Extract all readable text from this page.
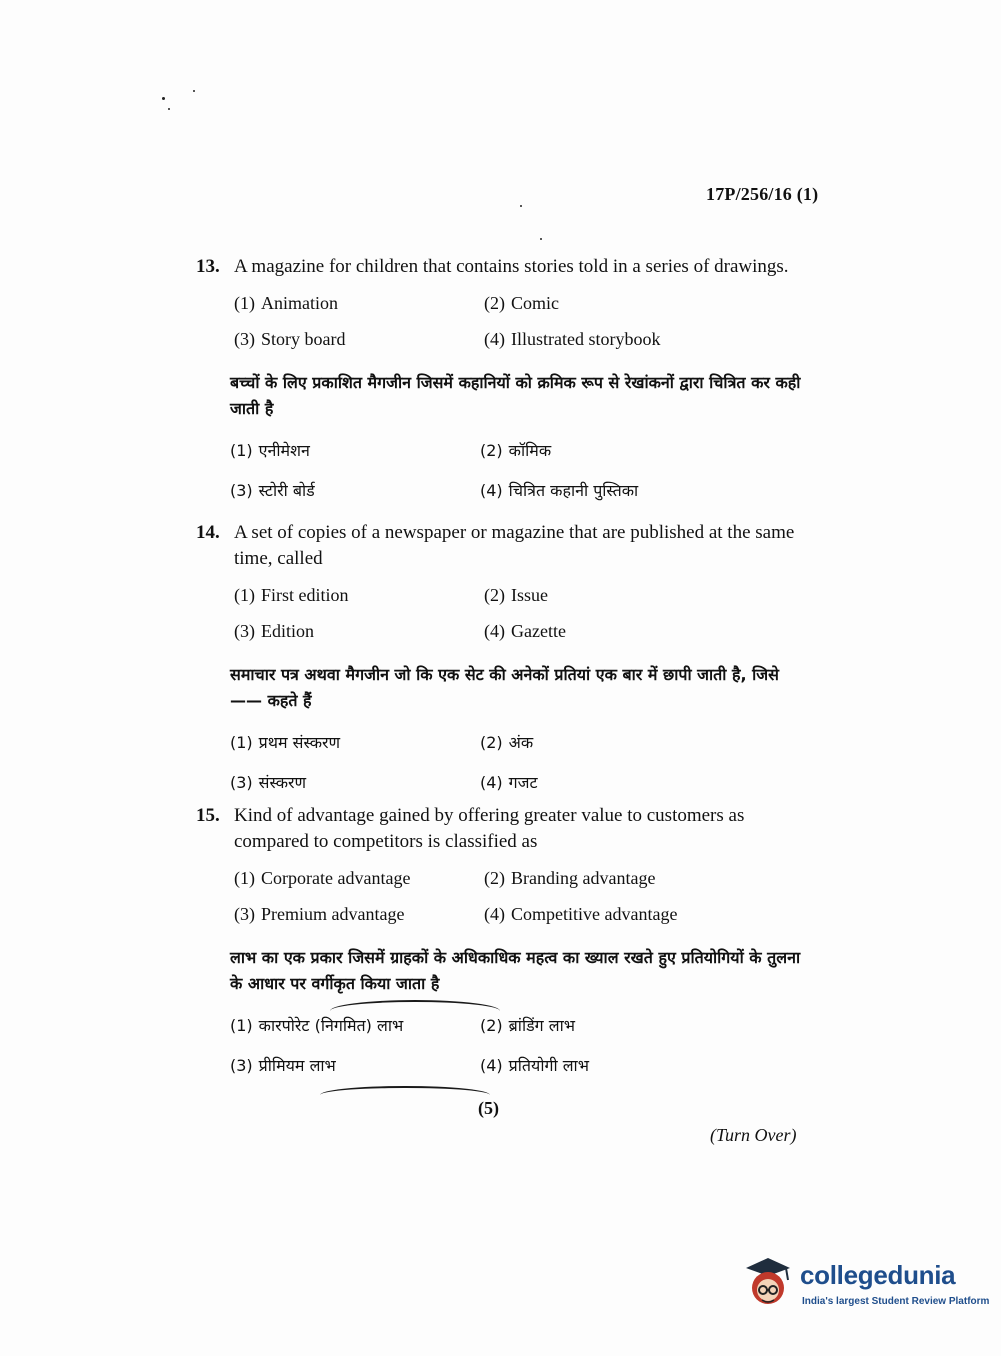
17P/256/16 (1)
13. A magazine for children that contains stories told in a series of drawings.
(1) Animation	(2) Comic
(3) Story board	(4) Illustrated storybook
बच्चों के लिए प्रकाशित मैगजीन जिसमें कहानियों को क्रमिक रूप से रेखांकनों द्वारा चित्रित कर कही जाती है
(1) एनीमेशन	(2) कॉमिक
(3) स्टोरी बोर्ड	(4) चित्रित कहानी पुस्तिका
14. A set of copies of a newspaper or magazine that are published at the same time, called
(1) First edition	(2) Issue
(3) Edition	(4) Gazette
समाचार पत्र अथवा मैगजीन जो कि एक सेट की अनेकों प्रतियां एक बार में छापी जाती है, जिसे —— कहते हैं
(1) प्रथम संस्करण	(2) अंक
(3) संस्करण	(4) गजट
15. Kind of advantage gained by offering greater value to customers as compared to competitors is classified as
(1) Corporate advantage	(2) Branding advantage
(3) Premium advantage	(4) Competitive advantage
लाभ का एक प्रकार जिसमें ग्राहकों के अधिकाधिक महत्व का ख्याल रखते हुए प्रतियोगियों के तुलना के आधार पर वर्गीकृत किया जाता है
(1) कारपोरेट (निगमित) लाभ	(2) ब्रांडिंग लाभ
(3) प्रीमियम लाभ	(4) प्रतियोगी लाभ
(5)
(Turn Over)
collegedunia
India's largest Student Review Platform
